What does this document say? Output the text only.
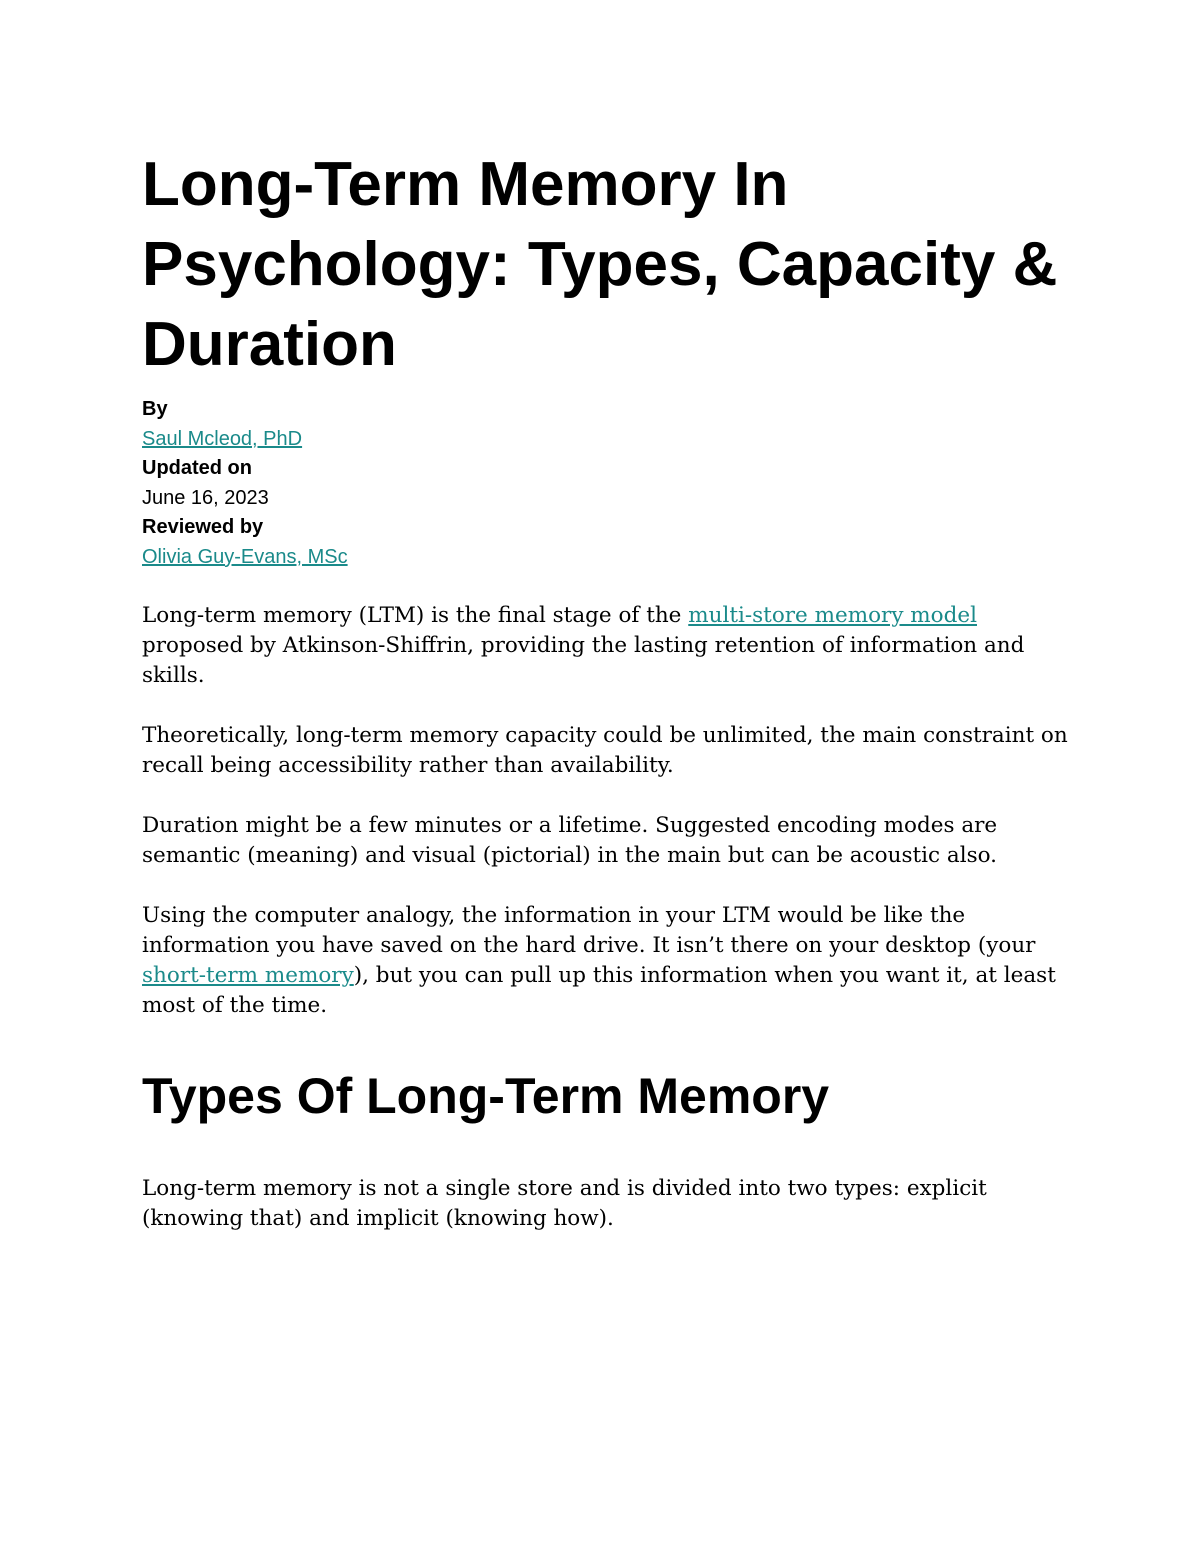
Long-Term Memory In Psychology: Types, Capacity & Duration
By
Saul Mcleod, PhD
Updated on
June 16, 2023
Reviewed by
Olivia Guy-Evans, MSc

Long-term memory (LTM) is the final stage of the multi-store memory model proposed by Atkinson-Shiffrin, providing the lasting retention of information and skills.

Theoretically, long-term memory capacity could be unlimited, the main constraint on recall being accessibility rather than availability.

Duration might be a few minutes or a lifetime. Suggested encoding modes are semantic (meaning) and visual (pictorial) in the main but can be acoustic also.

Using the computer analogy, the information in your LTM would be like the information you have saved on the hard drive. It isn’t there on your desktop (your short-term memory), but you can pull up this information when you want it, at least most of the time.

Types Of Long-Term Memory

Long-term memory is not a single store and is divided into two types: explicit (knowing that) and implicit (knowing how).
